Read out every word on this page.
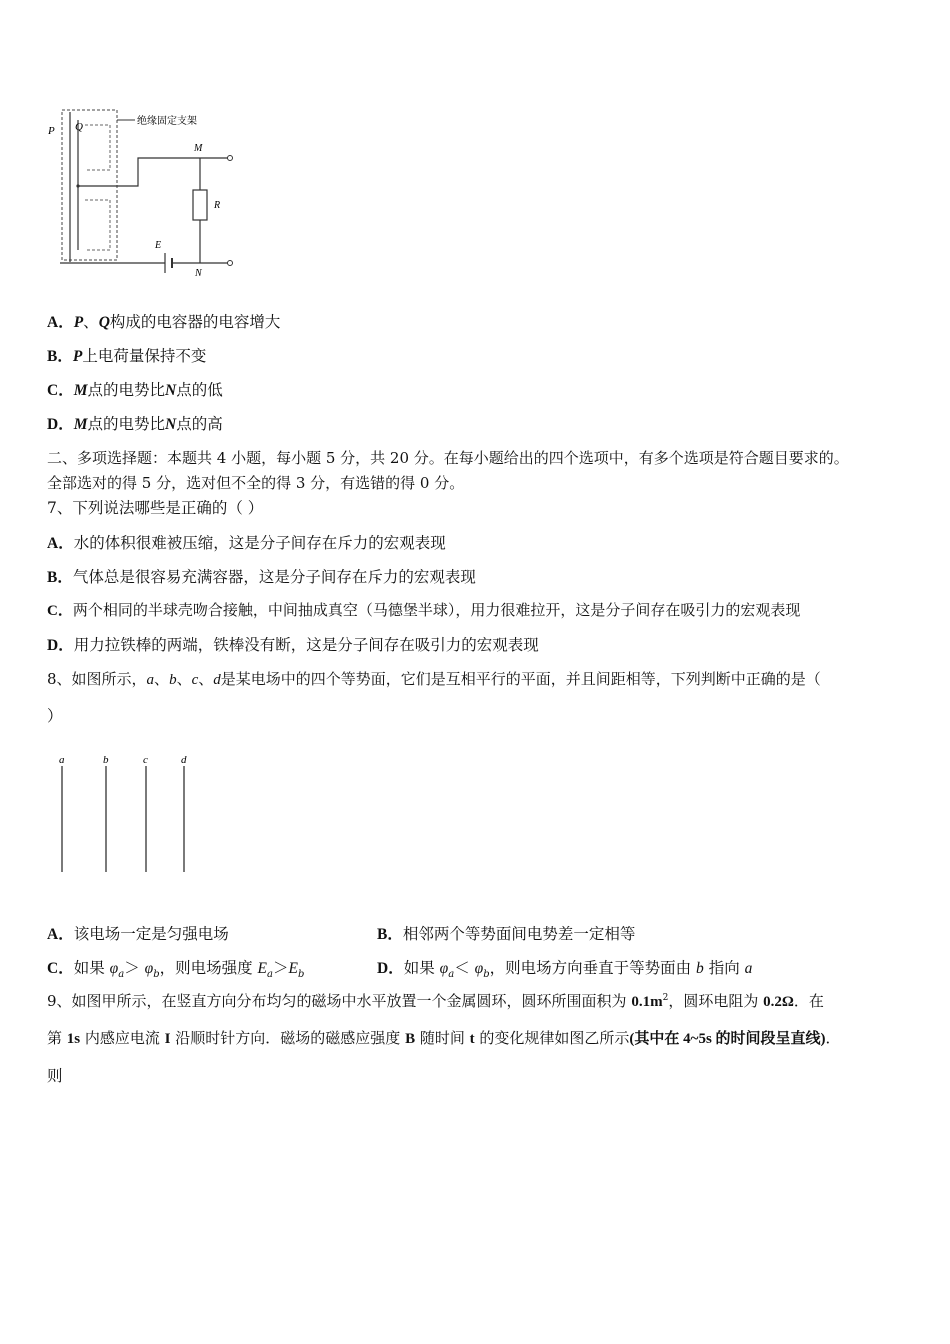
P Q	绝缘固定支架
M
R
E
N
A．P、Q构成的电容器的电容增大
B．P上电荷量保持不变
C．M点的电势比N点的低
D．M点的电势比N点的高
二、多项选择题：本题共 4 小题，每小题 5 分，共 20 分。在每小题给出的四个选项中，有多个选项是符合题目要求的。
全部选对的得 5 分，选对但不全的得 3 分，有选错的得 0 分。
7、下列说法哪些是正确的（ ）
A．水的体积很难被压缩，这是分子间存在斥力的宏观表现
B．气体总是很容易充满容器，这是分子间存在斥力的宏观表现
C．两个相同的半球壳吻合接触，中间抽成真空（马德堡半球），用力很难拉开，这是分子间存在吸引力的宏观表现
D．用力拉铁棒的两端，铁棒没有断，这是分子间存在吸引力的宏观表现
8、如图所示，a、b、c、d是某电场中的四个等势面，它们是互相平行的平面，并且间距相等，下列判断中正确的是（
）
a	b	c	d
A．该电场一定是匀强电场	B．相邻两个等势面间电势差一定相等
C．如果 $\varphi_a> \varphi_b$，则电场强度 $E_a>E_b$	D．如果 $\varphi_a< \varphi_b$，则电场方向垂直于等势面由 b 指向 a
9、如图甲所示，在竖直方向分布均匀的磁场中水平放置一个金属圆环，圆环所围面积为 $0.1m^2$，圆环电阻为 0.2Ω．在
第 1s 内感应电流 I 沿顺时针方向．磁场的磁感应强度 B 随时间 t 的变化规律如图乙所示(其中在 4~5s 的时间段呈直线)．
则
